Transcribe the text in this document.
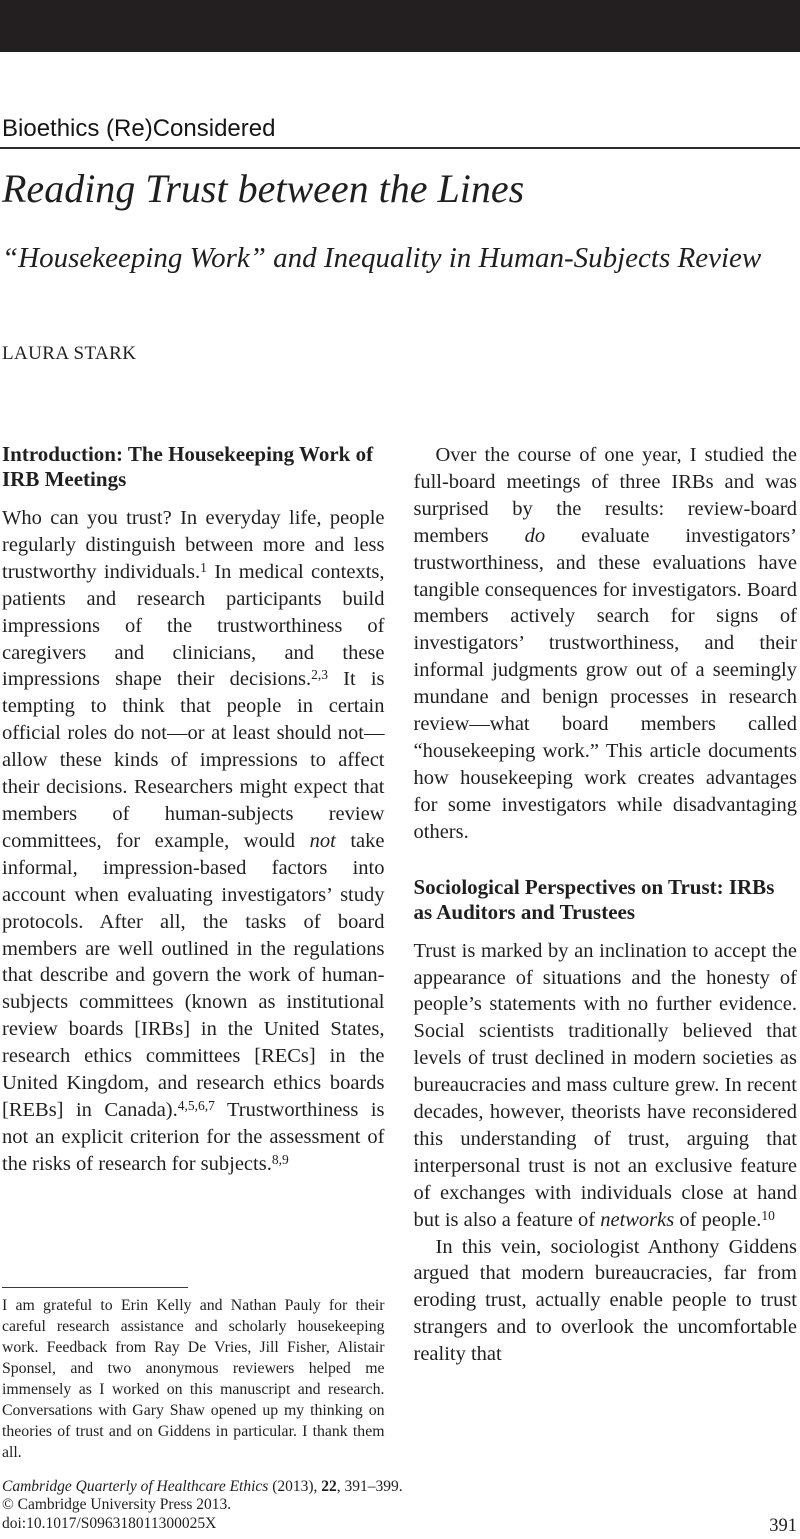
Bioethics (Re)Considered
Reading Trust between the Lines
“Housekeeping Work” and Inequality in Human-Subjects Review
LAURA STARK
Introduction: The Housekeeping Work of IRB Meetings

Who can you trust? In everyday life, people regularly distinguish between more and less trustworthy individuals.$^1$ In medical contexts, patients and research participants build impressions of the trustworthiness of caregivers and clinicians, and these impressions shape their decisions.$^{2,3}$ It is tempting to think that people in certain official roles do not—or at least should not—allow these kinds of impressions to affect their decisions. Researchers might expect that members of human-subjects review committees, for example, would not take informal, impression-based factors into account when evaluating investigators’ study protocols. After all, the tasks of board members are well outlined in the regulations that describe and govern the work of human-subjects committees (known as institutional review boards [IRBs] in the United States, research ethics committees [RECs] in the United Kingdom, and research ethics boards [REBs] in Canada).$^{4,5,6,7}$ Trustworthiness is not an explicit criterion for the assessment of the risks of research for subjects.$^{8,9}$

I am grateful to Erin Kelly and Nathan Pauly for their careful research assistance and scholarly housekeeping work. Feedback from Ray De Vries, Jill Fisher, Alistair Sponsel, and two anonymous reviewers helped me immensely as I worked on this manuscript and research. Conversations with Gary Shaw opened up my thinking on theories of trust and on Giddens in particular. I thank them all.

Over the course of one year, I studied the full-board meetings of three IRBs and was surprised by the results: review-board members do evaluate investigators’ trustworthiness, and these evaluations have tangible consequences for investigators. Board members actively search for signs of investigators’ trustworthiness, and their informal judgments grow out of a seemingly mundane and benign processes in research review—what board members called “housekeeping work.” This article documents how housekeeping work creates advantages for some investigators while disadvantaging others.

Sociological Perspectives on Trust: IRBs as Auditors and Trustees

Trust is marked by an inclination to accept the appearance of situations and the honesty of people’s statements with no further evidence. Social scientists traditionally believed that levels of trust declined in modern societies as bureaucracies and mass culture grew. In recent decades, however, theorists have reconsidered this understanding of trust, arguing that interpersonal trust is not an exclusive feature of exchanges with individuals close at hand but is also a feature of networks of people.$^{10}$

In this vein, sociologist Anthony Giddens argued that modern bureaucracies, far from eroding trust, actually enable people to trust strangers and to overlook the uncomfortable reality that

Cambridge Quarterly of Healthcare Ethics (2013), 22, 391–399.

© Cambridge University Press 2013.

doi:10.1017/S096318011300025X	391
